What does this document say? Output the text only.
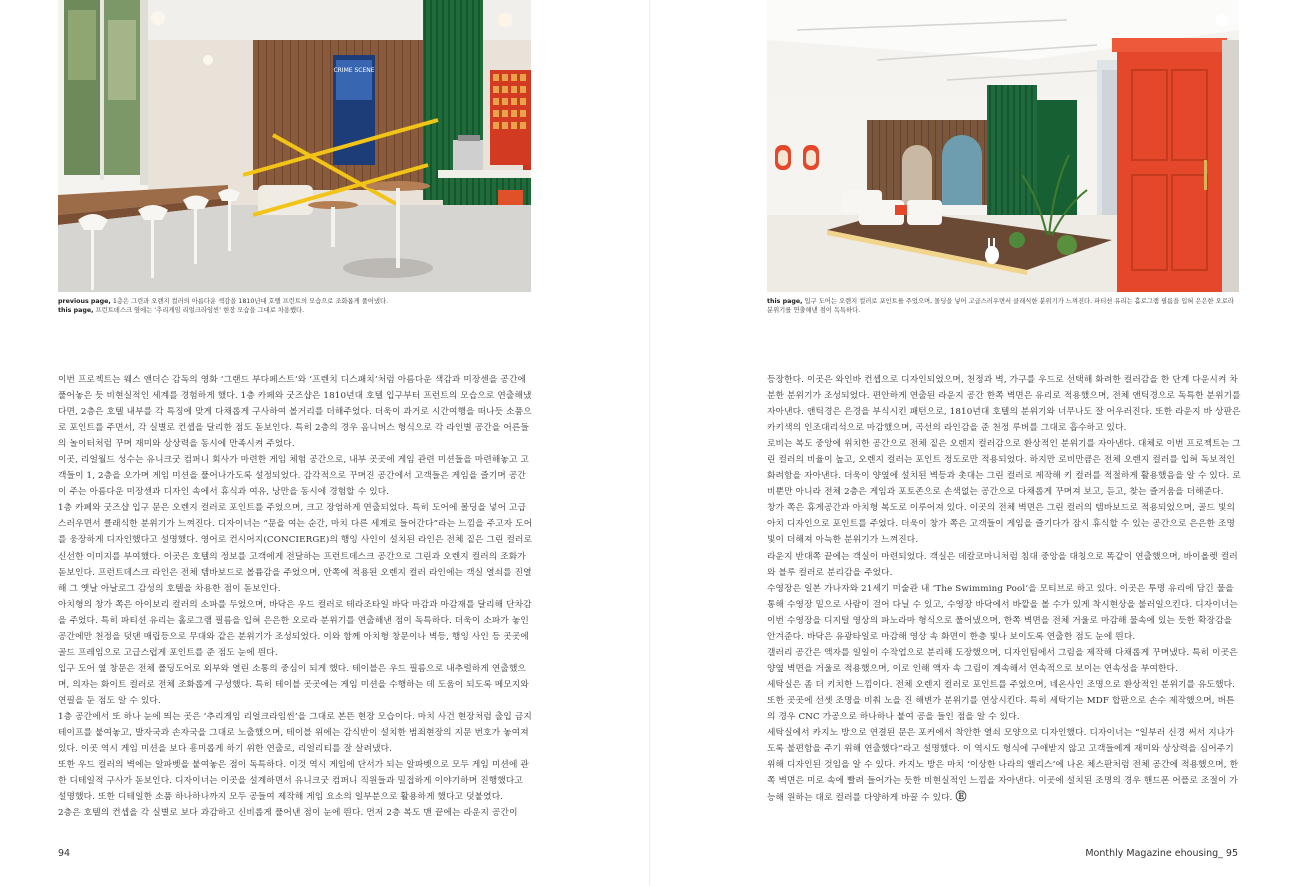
CRIME SCENE
previous page, 1층은 그린과 오렌지 컬러의 아름다운 색감을 1810년대 호텔 프런트의 모습으로 조화롭게 풀어냈다.
this page, 프런트데스크 옆에는 ‘추리게임 리얼크라임씬’ 현장 모습을 그대로 차용했다.
this page, 입구 도어는 오렌지 컬러로 포인트를 주었으며, 몰딩을 넣어 고급스러우면서 클래식한 분위기가 느껴진다. 파티션 유리는 홀로그램 필름을 입혀 은은한 오로라 분위기를 연출해낸 점이 독특하다.

이번 프로젝트는 웨스 앤더슨 감독의 영화 ‘그랜드 부다페스트’와 ‘프렌치 디스패치’처럼 아름다운 색감과 미장센을 공간에 풀어놓은 듯 비현실적인 세계를 경험하게 했다. 1층 카페와 굿즈샵은 1810년대 호텔 입구부터 프런트의 모습으로 연출해냈다면, 2층은 호텔 내부를 각 특징에 맞게 다채롭게 구사하여 볼거리를 더해주었다. 더욱이 과거로 시간여행을 떠나듯 소품으로 포인트를 주면서, 각 실별로 컨셉을 달리한 점도 돋보인다. 특히 2층의 경우 옴니버스 형식으로 각 라인별 공간을 어른들의 놀이터처럼 꾸며 재미와 상상력을 동시에 만족시켜 주었다.

이곳, 리얼월드 성수는 유니크굿 컴퍼니 회사가 마련한 게임 체험 공간으로, 내부 곳곳에 게임 관련 미션들을 마련해놓고 고객들이 1, 2층을 오가며 게임 미션을 풀어나가도록 설정되었다. 감각적으로 꾸며진 공간에서 고객들은 게임을 즐기며 공간이 주는 아름다운 미장센과 디자인 속에서 휴식과 여유, 낭만을 동시에 경험할 수 있다.

1층 카페와 굿즈샵 입구 문은 오렌지 컬러로 포인트를 주었으며, 크고 장엄하게 연출되었다. 특히 도어에 몰딩을 넣어 고급스러우면서 클래식한 분위기가 느껴진다. 디자이너는 “문을 여는 순간, 마치 다른 세계로 들어간다”라는 느낌을 주고자 도어를 웅장하게 디자인했다고 설명했다. 영어로 컨시어지(CONCIERGE)의 행잉 사인이 설치된 라인은 전체 짙은 그린 컬러로 신선한 이미지를 부여했다. 이곳은 호텔의 정보를 고객에게 전달하는 프런트데스크 공간으로 그린과 오렌지 컬러의 조화가 돋보인다. 프런트데스크 라인은 전체 템바보드로 볼륨감을 주었으며, 안쪽에 적용된 오렌지 컬러 라인에는 객실 열쇠를 진열해 그 옛날 아날로그 감성의 호텔을 차용한 점이 돋보인다.

아치형의 창가 쪽은 아이보리 컬러의 소파를 두었으며, 바닥은 우드 컬러로 테라조타일 바닥 마감과 마감재를 달리해 단차감을 주었다. 특히 파티션 유리는 홀로그램 필름을 입혀 은은한 오로라 분위기를 연출해낸 점이 독특하다. 더욱이 소파가 놓인 공간에만 천정을 덧댄 매립등으로 무대와 같은 분위기가 조성되었다. 이와 함께 아치형 창문이나 벽등, 행잉 사인 등 곳곳에 골드 프레임으로 고급스럽게 포인트를 준 점도 눈에 띈다.

입구 도어 옆 창문은 전체 폴딩도어로 외부와 열린 소통의 중심이 되게 했다. 테이블은 우드 필름으로 내추럴하게 연출했으며, 의자는 화이트 컬러로 전체 조화롭게 구성했다. 특히 테이블 곳곳에는 게임 미션을 수행하는 데 도움이 되도록 메모지와 연필을 둔 점도 알 수 있다.

1층 공간에서 또 하나 눈에 띄는 곳은 ‘추리게임 리얼크라임씬’을 그대로 본뜬 현장 모습이다. 마치 사건 현장처럼 출입 금지 테이프를 붙여놓고, 발자국과 손자국을 그대로 노출했으며, 테이블 위에는 감식반이 설치한 범죄현장의 지문 번호가 놓여져 있다. 이곳 역시 게임 미션을 보다 흥미롭게 하기 위한 연출로, 리얼리티를 잘 살려냈다.

또한 우드 컬러의 벽에는 알파벳을 붙여놓은 점이 독특하다. 이것 역시 게임에 단서가 되는 알파벳으로 모두 게임 미션에 관한 디테일적 구사가 돋보인다. 디자이너는 이곳을 설계하면서 유니크굿 컴퍼니 직원들과 밀접하게 이야기하며 진행했다고 설명했다. 또한 디테일한 소품 하나하나까지 모두 공들여 제작해 게임 요소의 일부분으로 활용하게 했다고 덧붙였다.

2층은 호텔의 컨셉을 각 실별로 보다 과감하고 신비롭게 풀어낸 점이 눈에 띈다. 먼저 2층 복도 맨 끝에는 라운지 공간이

등장한다. 이곳은 와인바 컨셉으로 디자인되었으며, 천정과 벽, 가구를 우드로 선택해 화려한 컬러감을 한 단계 다운시켜 차분한 분위기가 조성되었다. 편안하게 연출된 라운지 공간 한쪽 벽면은 유리로 적용했으며, 전체 앤틱경으로 독특한 분위기를 자아낸다. 앤틱경은 은경을 부식시킨 패턴으로, 1810년대 호텔의 분위기와 너무나도 잘 어우러진다. 또한 라운지 바 상판은 카키색의 인조대리석으로 마감했으며, 곡선의 라인감을 준 천정 루버를 그대로 흡수하고 있다.

로비는 복도 중앙에 위치한 공간으로 전체 짙은 오렌지 컬러감으로 환상적인 분위기를 자아낸다. 대체로 이번 프로젝트는 그린 컬러의 비율이 높고, 오렌지 컬러는 포인트 정도로만 적용되었다. 하지만 로비만큼은 전체 오렌지 컬러를 입혀 독보적인 화려함을 자아낸다. 더욱이 양옆에 설치된 벽등과 촛대는 그린 컬러로 제작해 키 컬러를 적절하게 활용했음을 알 수 있다. 로비뿐만 아니라 전체 2층은 게임과 포토존으로 손색없는 공간으로 다채롭게 꾸며져 보고, 듣고, 찾는 즐거움을 더해준다.

창가 쪽은 휴게공간과 아치형 복도로 이루어져 있다. 이곳의 전체 벽면은 그린 컬러의 템바보드로 적용되었으며, 골드 빛의 아치 디자인으로 포인트를 주었다. 더욱이 창가 쪽은 고객들이 게임을 즐기다가 잠시 휴식할 수 있는 공간으로 은은한 조명빛이 더해져 아늑한 분위기가 느껴진다.

라운지 반대쪽 끝에는 객실이 마련되었다. 객실은 데칼코마니처럼 침대 중앙을 대칭으로 똑같이 연출했으며, 바이올렛 컬러와 블루 컬러로 분리감을 주었다.

수영장은 일본 가나자와 21세기 미술관 내 ‘The Swimming Pool’을 모티브로 하고 있다. 이곳은 투명 유리에 담긴 물을 통해 수영장 밑으로 사람이 걸어 다닐 수 있고, 수영장 바닥에서 바깥을 볼 수가 있게 착시현상을 불러일으킨다. 디자이너는 이번 수영장을 디지털 영상의 파노라마 형식으로 풀어냈으며, 한쪽 벽면을 전체 거울로 마감해 물속에 있는 듯한 확장감을 안겨준다. 바닥은 유광타일로 마감해 영상 속 화면이 한층 빛나 보이도록 연출한 점도 눈에 띈다.

갤러리 공간은 액자를 일일이 수작업으로 분리해 도장했으며, 디자인팀에서 그림을 제작해 다채롭게 꾸며냈다. 특히 이곳은 양옆 벽면을 거울로 적용했으며, 이로 인해 액자 속 그림이 계속해서 연속적으로 보이는 연속성을 부여한다.

세탁실은 좀 더 키치한 느낌이다. 전체 오렌지 컬러로 포인트를 주었으며, 네온사인 조명으로 환상적인 분위기를 유도했다. 또한 곳곳에 선셋 조명을 비춰 노을 진 해변가 분위기를 연상시킨다. 특히 세탁기는 MDF 합판으로 손수 제작했으며, 버튼의 경우 CNC 가공으로 하나하나 붙여 공을 들인 점을 알 수 있다.

세탁실에서 카지노 방으로 연결된 문은 포커에서 착안한 열쇠 모양으로 디자인했다. 디자이너는 “일부러 신경 써서 지나가도록 불편함을 주기 위해 연출했다”라고 설명했다. 이 역시도 형식에 구애받지 않고 고객들에게 재미와 상상력을 심어주기 위해 디자인된 것임을 알 수 있다. 카지노 방은 마치 ‘이상한 나라의 앨리스’에 나온 체스판처럼 전체 공간에 적용했으며, 한쪽 벽면은 미로 속에 빨려 들어가는 듯한 비현실적인 느낌을 자아낸다. 이곳에 설치된 조명의 경우 핸드폰 어플로 조절이 가능해 원하는 대로 컬러를 다양하게 바꿀 수 있다. Ⓔ

94	Monthly Magazine ehousing_ 95
